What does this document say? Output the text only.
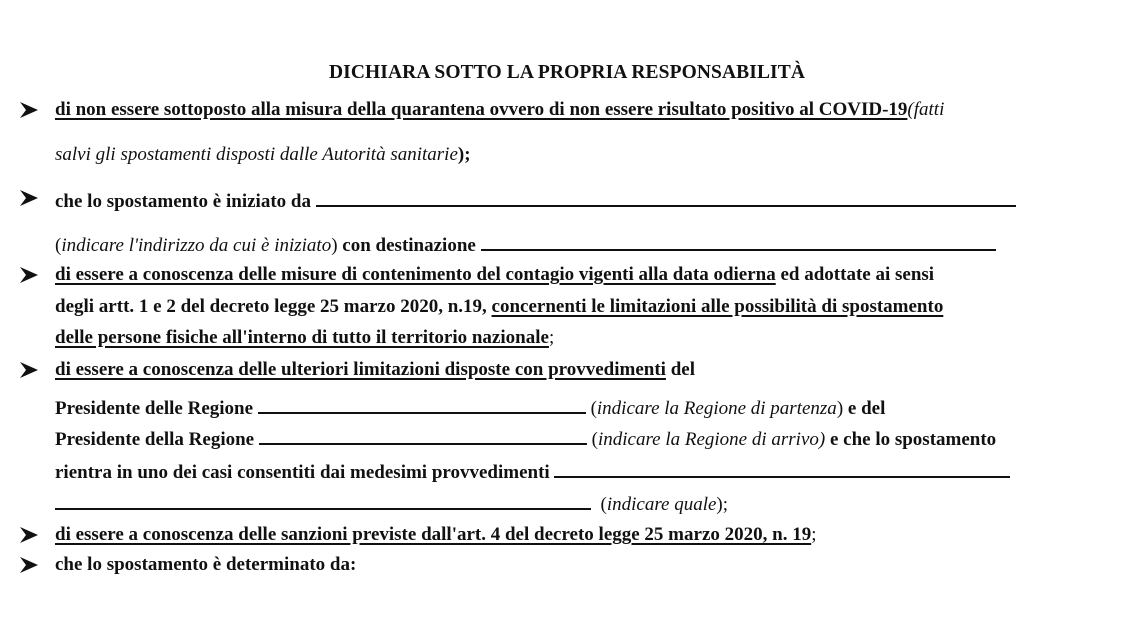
DICHIARA SOTTO LA PROPRIA RESPONSABILITÀ
di non essere sottoposto alla misura della quarantena ovvero di non essere risultato positivo al COVID-19(fatti
salvi gli spostamenti disposti dalle Autorità sanitarie);
che lo spostamento è iniziato da
(indicare l'indirizzo da cui è iniziato) con destinazione
di essere a conoscenza delle misure di contenimento del contagio vigenti alla data odierna ed adottate ai sensi
degli artt. 1 e 2 del decreto legge 25 marzo 2020, n.19, concernenti le limitazioni alle possibilità di spostamento
delle persone fisiche all'interno di tutto il territorio nazionale;
di essere a conoscenza delle ulteriori limitazioni disposte con provvedimenti del
Presidente delle Regione	(indicare la Regione di partenza) e del
Presidente della Regione	(indicare la Regione di arrivo) e che lo spostamento
rientra in uno dei casi consentiti dai medesimi provvedimenti
(indicare quale);
di essere a conoscenza delle sanzioni previste dall'art. 4 del decreto legge 25 marzo 2020, n. 19;
che lo spostamento è determinato da:
